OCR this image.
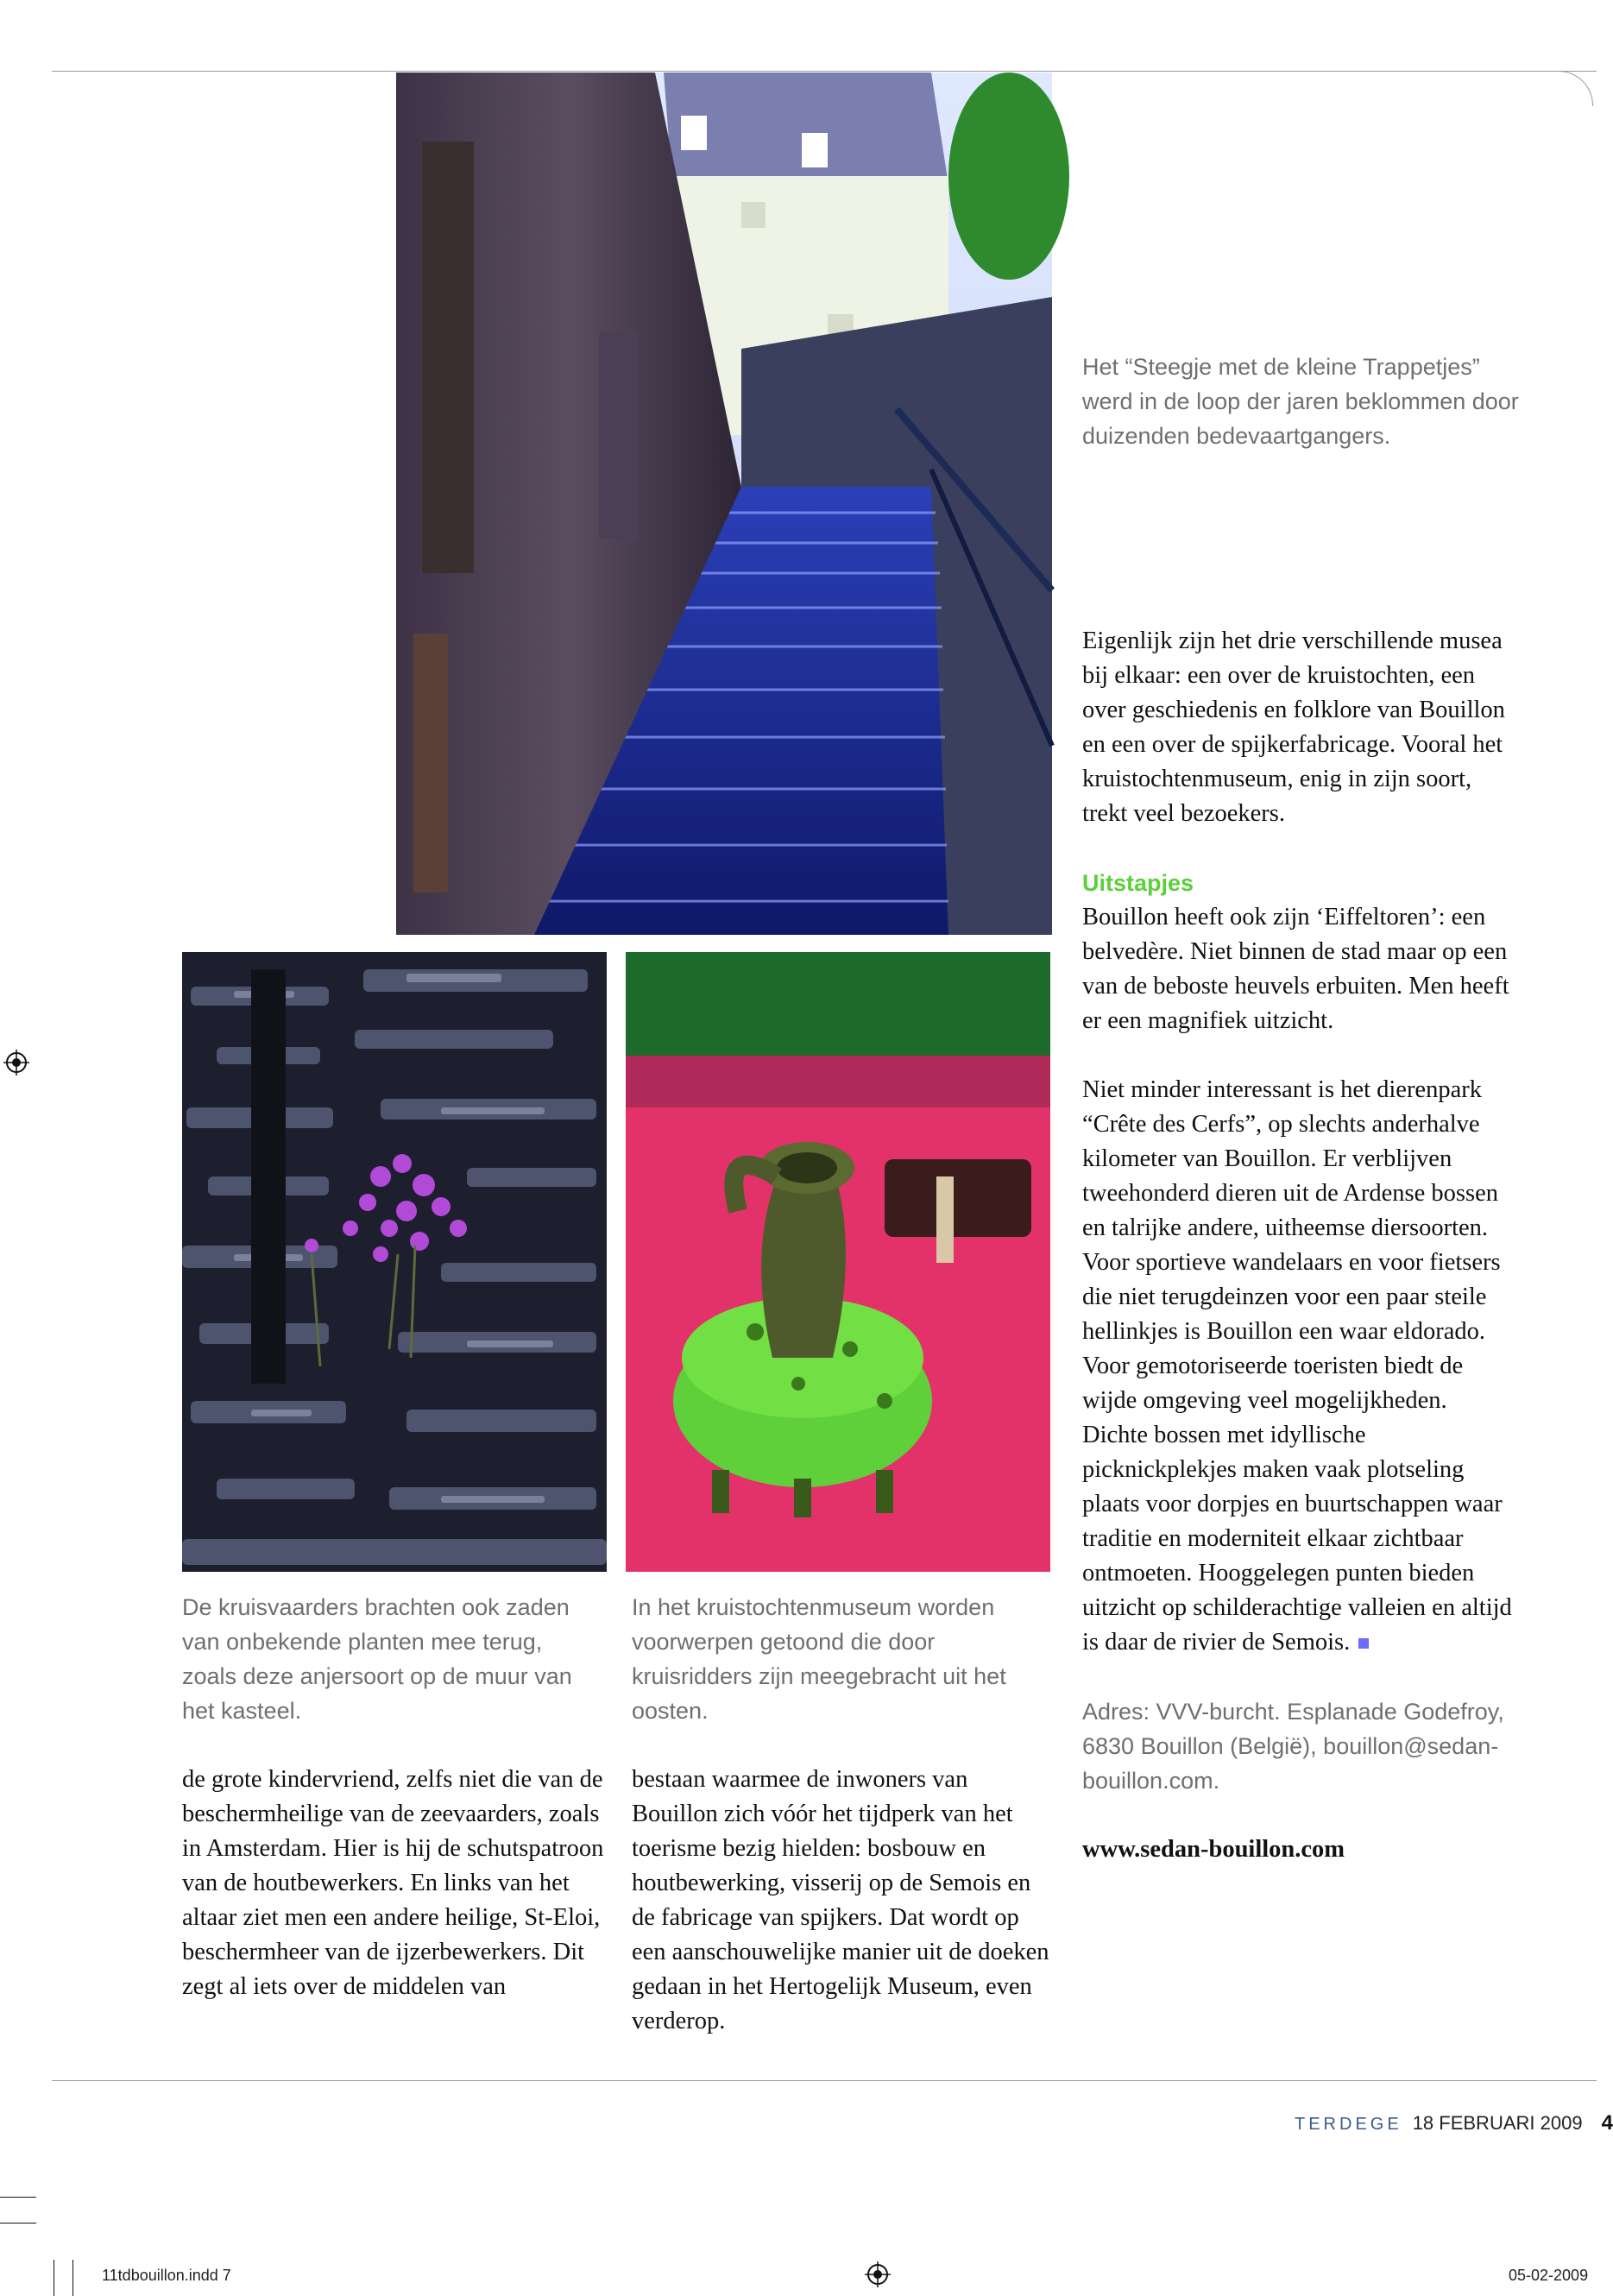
Het “Steegje met de kleine Trappetjes” werd in de loop der jaren beklommen door duizenden bedevaartgangers.

De kruisvaarders brachten ook zaden van onbekende planten mee terug, zoals deze anjersoort op de muur van het kasteel.

In het kruistochtenmuseum worden voorwerpen getoond die door kruisridders zijn meegebracht uit het oosten.

de grote kindervriend, zelfs niet die van de beschermheilige van de zeevaarders, zoals in Amsterdam. Hier is hij de schutspatroon van de houtbewerkers. En links van het altaar ziet men een andere heilige, St-Eloi, beschermheer van de ijzerbewerkers. Dit zegt al iets over de middelen van

bestaan waarmee de inwoners van Bouillon zich vóór het tijdperk van het toerisme bezig hielden: bosbouw en houtbewerking, visserij op de Semois en de fabricage van spijkers. Dat wordt op een aanschouwelijke manier uit de doeken gedaan in het Hertogelijk Museum, even verderop.

Eigenlijk zijn het drie verschillende musea bij elkaar: een over de kruistochten, een over geschiedenis en folklore van Bouillon en een over de spijkerfabricage. Vooral het kruistochtenmuseum, enig in zijn soort, trekt veel bezoekers.

Uitstapjes

Bouillon heeft ook zijn ‘Eiffeltoren’: een belvedère. Niet binnen de stad maar op een van de beboste heuvels erbuiten. Men heeft er een magnifiek uitzicht.

Niet minder interessant is het dierenpark “Crête des Cerfs”, op slechts anderhalve kilometer van Bouillon. Er verblijven tweehonderd dieren uit de Ardense bossen en talrijke andere, uitheemse diersoorten.

Voor sportieve wandelaars en voor fietsers die niet terugdeinzen voor een paar steile hellinkjes is Bouillon een waar eldorado.

Voor gemotoriseerde toeristen biedt de wijde omgeving veel mogelijkheden. Dichte bossen met idyllische picknickplekjes maken vaak plotseling plaats voor dorpjes en buurtschappen waar traditie en moderniteit elkaar zichtbaar ontmoeten. Hooggelegen punten bieden uitzicht op schilderachtige valleien en altijd is daar de rivier de Semois.

Adres: VVV-burcht. Esplanade Godefroy, 6830 Bouillon (België), bouillon@sedan-bouillon.com.

www.sedan-bouillon.com

TERDEGE 18 FEBRUARI 2009 4
11tdbouillon.indd 7	05-02-2009
